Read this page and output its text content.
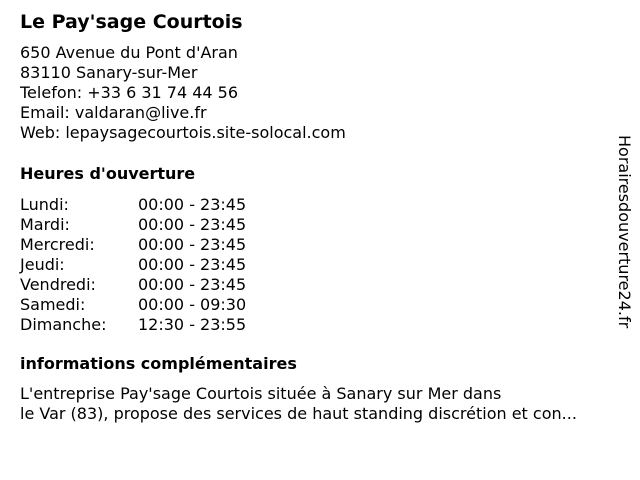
Le Pay'sage Courtois
650 Avenue du Pont d'Aran
83110 Sanary-sur-Mer
Telefon: +33 6 31 74 44 56
Email: valdaran@live.fr
Web: lepaysagecourtois.site-solocal.com
Heures d'ouverture
Lundi:	00:00 - 23:45
Mardi:	00:00 - 23:45
Mercredi:	00:00 - 23:45
Jeudi:	00:00 - 23:45
Vendredi:	00:00 - 23:45
Samedi:	00:00 - 09:30
Dimanche: 12:30 - 23:55
informations complémentaires
L'entreprise Pay'sage Courtois située à Sanary sur Mer dans
le Var (83), propose des services de haut standing discrétion et con...
Horairesdouverture24.fr
